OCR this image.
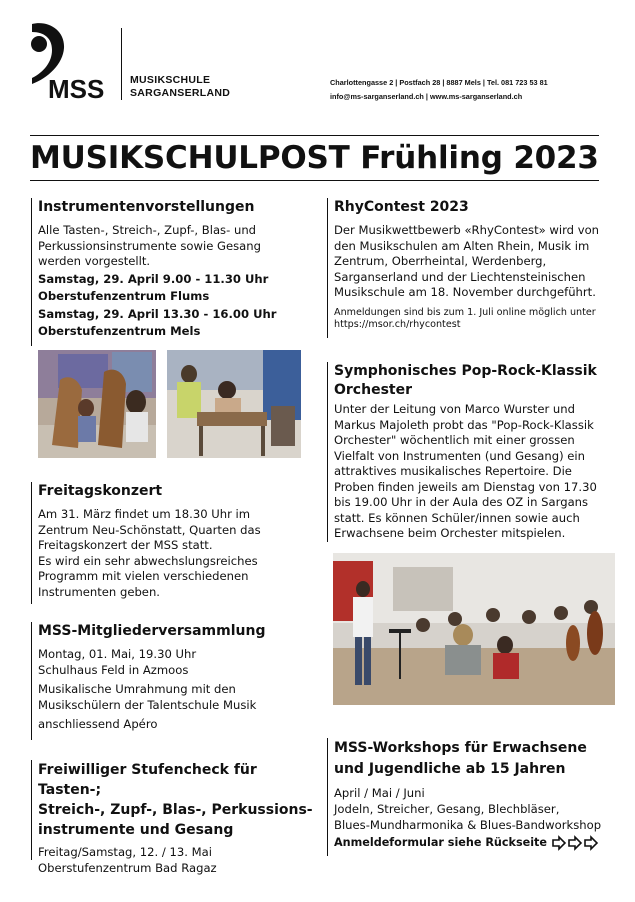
MSS MUSIKSCHULE
SARGANSERLAND
Charlottengasse 2 | Postfach 28 | 8887 Mels | Tel. 081 723 53 81
info@ms-sarganserland.ch | www.ms-sarganserland.ch
MUSIKSCHULPOST Frühling 2023
Instrumentenvorstellungen
Alle Tasten-, Streich-, Zupf-, Blas- und
Perkussionsinstrumente sowie Gesang
werden vorgestellt.
Samstag, 29. April 9.00 - 11.30 Uhr
Oberstufenzentrum Flums
Samstag, 29. April 13.30 - 16.00 Uhr
Oberstufenzentrum Mels
Freitagskonzert
Am 31. März findet um 18.30 Uhr im
Zentrum Neu-Schönstatt, Quarten das
Freitagskonzert der MSS statt.
Es wird ein sehr abwechslungsreiches
Programm mit vielen verschiedenen
Instrumenten geben.
MSS-Mitgliederversammlung
Montag, 01. Mai, 19.30 Uhr
Schulhaus Feld in Azmoos
Musikalische Umrahmung mit den
Musikschülern der Talentschule Musik
anschliessend Apéro
Freiwilliger Stufencheck für Tasten-;
Streich-, Zupf-, Blas-, Perkussions-
instrumente und Gesang
Freitag/Samstag, 12. / 13. Mai
Oberstufenzentrum Bad Ragaz
RhyContest 2023
Der Musikwettbewerb «RhyContest» wird von
den Musikschulen am Alten Rhein, Musik im
Zentrum, Oberrheintal, Werdenberg,
Sarganserland und der Liechtensteinischen
Musikschule am 18. November durchgeführt.
Anmeldungen sind bis zum 1. Juli online möglich unter
https://msor.ch/rhycontest
Symphonisches Pop-Rock-Klassik
Orchester
Unter der Leitung von Marco Wurster und
Markus Majoleth probt das "Pop-Rock-Klassik
Orchester" wöchentlich mit einer grossen
Vielfalt von Instrumenten (und Gesang) ein
attraktives musikalisches Repertoire. Die
Proben finden jeweils am Dienstag von 17.30
bis 19.00 Uhr in der Aula des OZ in Sargans
statt. Es können Schüler/innen sowie auch
Erwachsene beim Orchester mitspielen.
MSS-Workshops für Erwachsene
und Jugendliche ab 15 Jahren
April / Mai / Juni
Jodeln, Streicher, Gesang, Blechbläser,
Blues-Mundharmonika & Blues-Bandworkshop
Anmeldeformular siehe Rückseite
